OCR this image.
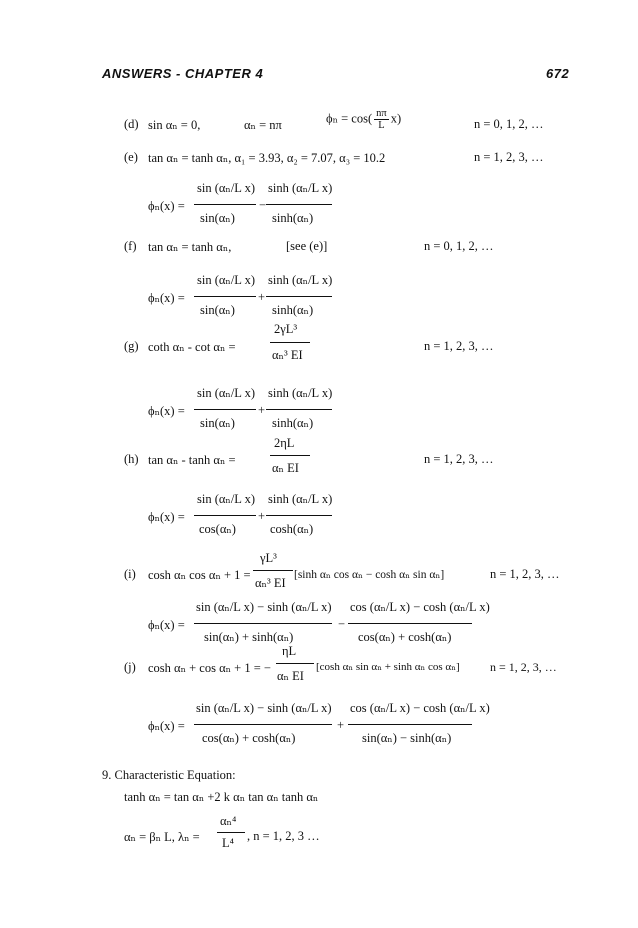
ANSWERS - CHAPTER 4	672
(d) sin αₙ = 0,	αₙ = nπ	$\phi_n = \cos( \frac{n\pi}{L} x)$	n = 0, 1, 2, …
(e) tan αₙ = tanh αₙ, α₁ = 3.93, α₂ = 7.07, α₃ = 10.2	n = 1, 2, 3, …
ϕₙ(x) =
sin (αₙ/L x)
sin(αₙ)
−
sinh (αₙ/L x)
sinh(αₙ)
(f) tan αₙ = tanh αₙ,	[see (e)]	n = 0, 1, 2, …
ϕₙ(x) =
sin (αₙ/L x)
sin(αₙ)
+
sinh (αₙ/L x)
sinh(αₙ)
(g) coth αₙ - cot αₙ =
2γL³
αₙ³ EI
n = 1, 2, 3, …
ϕₙ(x) =
sin (αₙ/L x)
sin(αₙ)
+
sinh (αₙ/L x)
sinh(αₙ)
(h) tan αₙ - tanh αₙ =
2ηL
αₙ EI
n = 1, 2, 3, …
ϕₙ(x) =
sin (αₙ/L x)
cos(αₙ)
+
sinh (αₙ/L x)
cosh(αₙ)
(i) cosh αₙ cos αₙ + 1 =
γL³
αₙ³ EI
[sinh αₙ cos αₙ − cosh αₙ sin αₙ]	n = 1, 2, 3, …
ϕₙ(x) =
sin (αₙ/L x) − sinh (αₙ/L x)
sin(αₙ) + sinh(αₙ)
−
cos (αₙ/L x) − cosh (αₙ/L x)
cos(αₙ) + cosh(αₙ)
(j) cosh αₙ + cos αₙ + 1 = −
ηL
αₙ EI
[cosh αₙ sin αₙ + sinh αₙ cos αₙ]	n = 1, 2, 3, …
ϕₙ(x) =
sin (αₙ/L x) − sinh (αₙ/L x)
cos(αₙ) + cosh(αₙ)
+
cos (αₙ/L x) − cosh (αₙ/L x)
sin(αₙ) − sinh(αₙ)
9. Characteristic Equation:
tanh αₙ = tan αₙ +2 k αₙ tan αₙ tanh αₙ
αₙ = βₙ L, λₙ =
αₙ⁴
L⁴ , n = 1, 2, 3 …
